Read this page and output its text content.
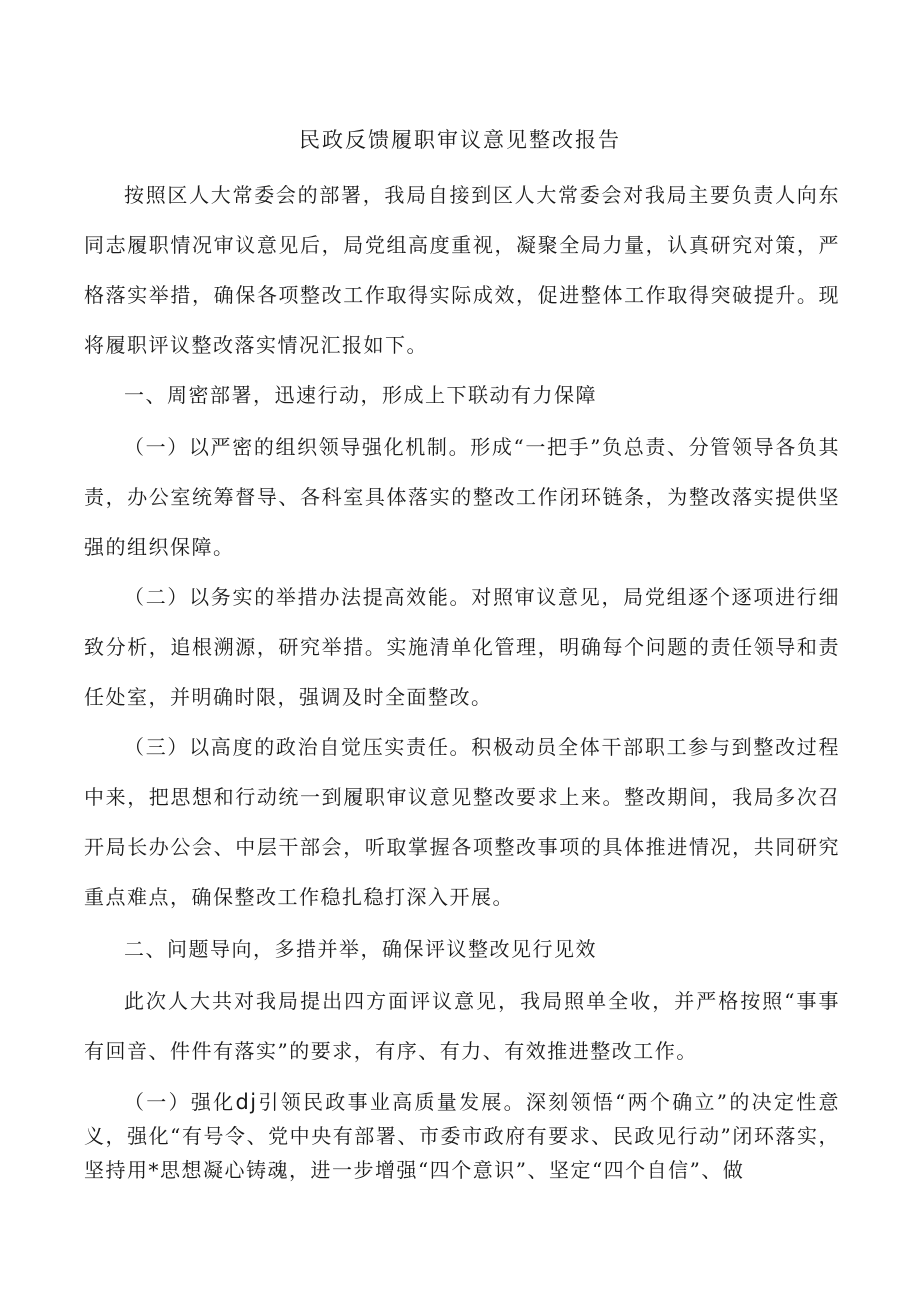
民政反馈履职审议意见整改报告

按照区人大常委会的部署，我局自接到区人大常委会对我局主要负责人向东同志履职情况审议意见后，局党组高度重视，凝聚全局力量，认真研究对策，严格落实举措，确保各项整改工作取得实际成效，促进整体工作取得突破提升。现将履职评议整改落实情况汇报如下。

一、周密部署，迅速行动，形成上下联动有力保障

（一）以严密的组织领导强化机制。形成“一把手”负总责、分管领导各负其责，办公室统筹督导、各科室具体落实的整改工作闭环链条，为整改落实提供坚强的组织保障。

（二）以务实的举措办法提高效能。对照审议意见，局党组逐个逐项进行细致分析，追根溯源，研究举措。实施清单化管理，明确每个问题的责任领导和责任处室，并明确时限，强调及时全面整改。

（三）以高度的政治自觉压实责任。积极动员全体干部职工参与到整改过程中来，把思想和行动统一到履职审议意见整改要求上来。整改期间，我局多次召开局长办公会、中层干部会，听取掌握各项整改事项的具体推进情况，共同研究重点难点，确保整改工作稳扎稳打深入开展。

二、问题导向，多措并举，确保评议整改见行见效

此次人大共对我局提出四方面评议意见，我局照单全收，并严格按照“事事有回音、件件有落实”的要求，有序、有力、有效推进整改工作。

（一）强化dj引领民政事业高质量发展。深刻领悟“两个确立”的决定性意义，强化“有号令、党中央有部署、市委市政府有要求、民政见行动”闭环落实，坚持用*思想凝心铸魂，进一步增强“四个意识”、坚定“四个自信”、做
